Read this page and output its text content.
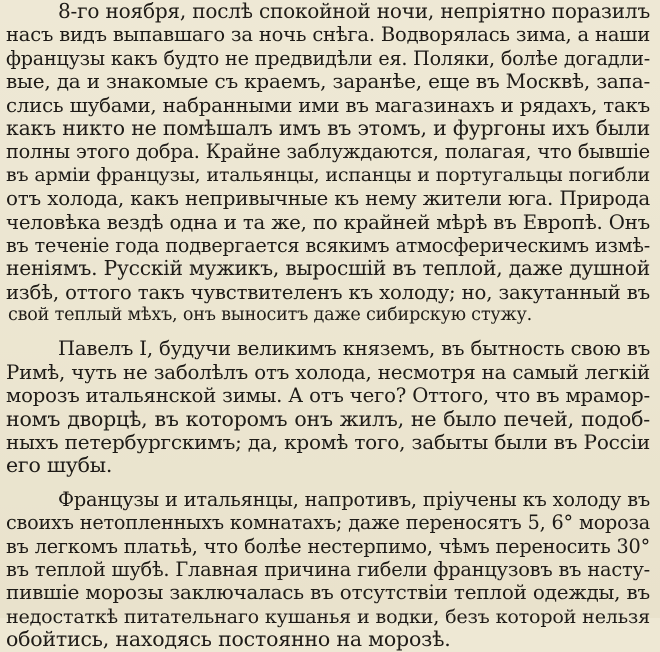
8-го ноября, послѣ спокойной ночи, непріятно поразилъ
насъ видъ выпавшаго за ночь снѣга. Водворялась зима, а наши
французы какъ будто не предвидѣли ея. Поляки, болѣе догадли-
вые, да и знакомые съ краемъ, заранѣе, еще въ Москвѣ, запа-
слись шубами, набранными ими въ магазинахъ и рядахъ, такъ
какъ никто не помѣшалъ имъ въ этомъ, и фургоны ихъ были
полны этого добра. Крайне заблуждаются, полагая, что бывшіе
въ арміи французы, итальянцы, испанцы и португальцы погибли
отъ холода, какъ непривычные къ нему жители юга. Природа
человѣка вездѣ одна и та же, по крайней мѣрѣ въ Европѣ. Онъ
въ теченіе года подвергается всякимъ атмосферическимъ измѣ-
неніямъ. Русскій мужикъ, выросшій въ теплой, даже душной
избѣ, оттого такъ чувствителенъ къ холоду; но, закутанный въ
свой теплый мѣхъ, онъ выноситъ даже сибирскую стужу.
Павелъ I, будучи великимъ княземъ, въ бытность свою въ
Римѣ, чуть не заболѣлъ отъ холода, несмотря на самый легкій
морозъ итальянской зимы. А отъ чего? Оттого, что въ мрамор-
номъ дворцѣ, въ которомъ онъ жилъ, не было печей, подоб-
ныхъ петербургскимъ; да, кромѣ того, забыты были въ Россіи
его шубы.
Французы и итальянцы, напротивъ, пріучены къ холоду въ
своихъ нетопленныхъ комнатахъ; даже переносятъ 5, 6° мороза
въ легкомъ платьѣ, что болѣе нестерпимо, чѣмъ переносить 30°
въ теплой шубѣ. Главная причина гибели французовъ въ насту-
пившіе морозы заключалась въ отсутствіи теплой одежды, въ
недостаткѣ питательнаго кушанья и водки, безъ которой нельзя
обойтись, находясь постоянно на морозѣ.
